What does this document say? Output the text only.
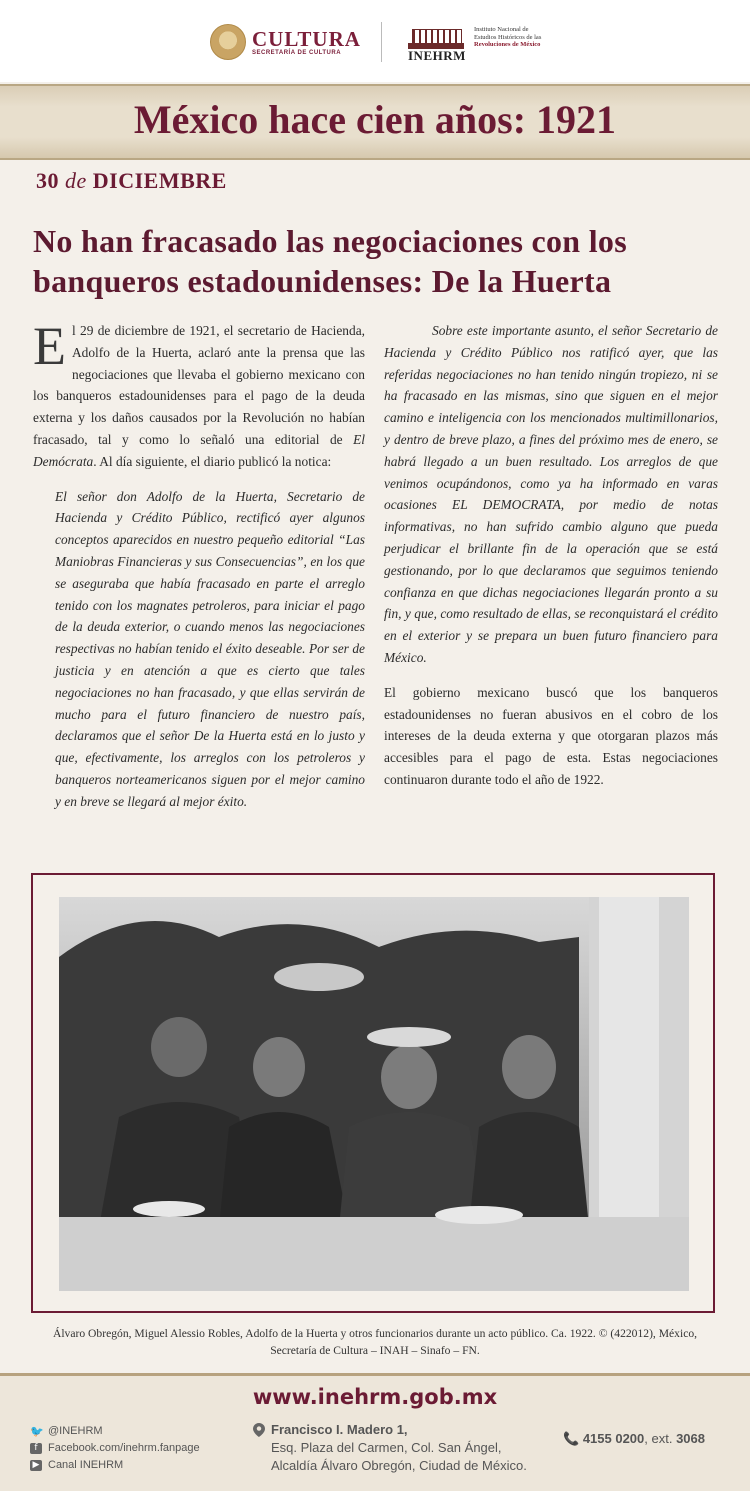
CULTURA
SECRETARÍA DE CULTURA	INEHRM
Instituto Nacional de
Estudios Históricos de las
Revoluciones de México
México hace cien años: 1921
30 de DICIEMBRE
No han fracasado las negociaciones con los banqueros estadounidenses: De la Huerta

El 29 de diciembre de 1921, el secretario de Hacienda, Adolfo de la Huerta, aclaró ante la prensa que las negociaciones que llevaba el gobierno mexicano con los banqueros estadounidenses para el pago de la deuda externa y los daños causados por la Revolución no habían fracasado, tal y como lo señaló una editorial de El Demócrata. Al día siguiente, el diario publicó la notica:

El señor don Adolfo de la Huerta, Secretario de Hacienda y Crédito Público, rectificó ayer algunos conceptos aparecidos en nuestro pequeño editorial “Las Maniobras Financieras y sus Consecuencias”, en los que se aseguraba que había fracasado en parte el arreglo tenido con los magnates petroleros, para iniciar el pago de la deuda exterior, o cuando menos las negociaciones respectivas no habían tenido el éxito deseable. Por ser de justicia y en atención a que es cierto que tales negociaciones no han fracasado, y que ellas servirán de mucho para el futuro financiero de nuestro país, declaramos que el señor De la Huerta está en lo justo y que, efectivamente, los arreglos con los petroleros y banqueros norteamericanos siguen por el mejor camino y en breve se llegará al mejor éxito.

Sobre este importante asunto, el señor Secretario de Hacienda y Crédito Público nos ratificó ayer, que las referidas negociaciones no han tenido ningún tropiezo, ni se ha fracasado en las mismas, sino que siguen en el mejor camino e inteligencia con los mencionados multimillonarios, y dentro de breve plazo, a fines del próximo mes de enero, se habrá llegado a un buen resultado. Los arreglos de que venimos ocupándonos, como ya ha informado en varas ocasiones EL DEMOCRATA, por medio de notas informativas, no han sufrido cambio alguno que pueda perjudicar el brillante fin de la operación que se está gestionando, por lo que declaramos que seguimos teniendo confianza en que dichas negociaciones llegarán pronto a su fin, y que, como resultado de ellas, se reconquistará el crédito en el exterior y se prepara un buen futuro financiero para México.

El gobierno mexicano buscó que los banqueros estadounidenses no fueran abusivos en el cobro de los intereses de la deuda externa y que otorgaran plazos más accesibles para el pago de esta. Estas negociaciones continuaron durante todo el año de 1922.

Álvaro Obregón, Miguel Alessio Robles, Adolfo de la Huerta y otros funcionarios durante un acto público. Ca. 1922. © (422012), México, Secretaría de Cultura – INAH – Sinafo – FN.
www.inehrm.gob.mx
🐦 @INEHRM
f Facebook.com/inehrm.fanpage
▶ Canal INEHRM
Francisco I. Madero 1,
Esq. Plaza del Carmen, Col. San Ángel,
Alcaldía Álvaro Obregón, Ciudad de México.
📞 4155 0200, ext. 3068
